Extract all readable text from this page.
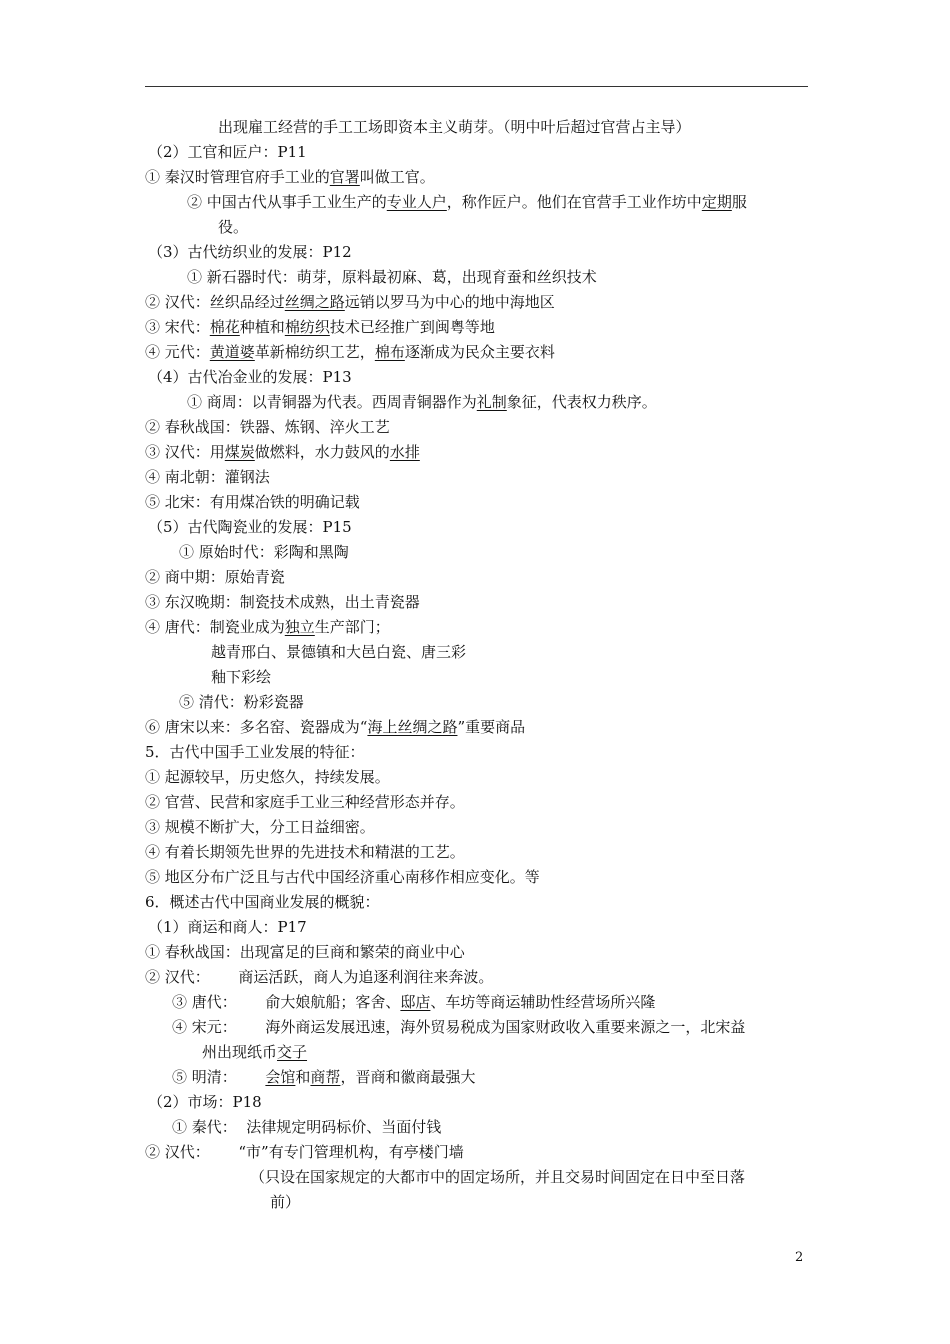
出现雇工经营的手工工场即资本主义萌芽。（明中叶后超过官营占主导）
（2）工官和匠户：P11
① 秦汉时管理官府手工业的官署叫做工官。
② 中国古代从事手工业生产的专业人户，称作匠户。他们在官营手工业作坊中定期服
役。
（3）古代纺织业的发展：P12
① 新石器时代：萌芽，原料最初麻、葛，出现育蚕和丝织技术
② 汉代：丝织品经过丝绸之路远销以罗马为中心的地中海地区
③ 宋代：棉花种植和棉纺织技术已经推广到闽粤等地
④ 元代：黄道婆革新棉纺织工艺，棉布逐渐成为民众主要衣料
（4）古代冶金业的发展：P13
① 商周：以青铜器为代表。西周青铜器作为礼制象征，代表权力秩序。
② 春秋战国：铁器、炼钢、淬火工艺
③ 汉代：用煤炭做燃料，水力鼓风的水排
④ 南北朝：灌钢法
⑤ 北宋：有用煤冶铁的明确记载
（5）古代陶瓷业的发展：P15
① 原始时代：彩陶和黑陶
② 商中期：原始青瓷
③ 东汉晚期：制瓷技术成熟，出土青瓷器
④ 唐代：制瓷业成为独立生产部门；
越青邢白、景德镇和大邑白瓷、唐三彩
釉下彩绘
⑤ 清代：粉彩瓷器
⑥ 唐宋以来：多名窑、瓷器成为“海上丝绸之路”重要商品
5．古代中国手工业发展的特征：
① 起源较早，历史悠久，持续发展。
② 官营、民营和家庭手工业三种经营形态并存。
③ 规模不断扩大，分工日益细密。
④ 有着长期领先世界的先进技术和精湛的工艺。
⑤ 地区分布广泛且与古代中国经济重心南移作相应变化。等
6．概述古代中国商业发展的概貌：
（1）商运和商人：P17
① 春秋战国：出现富足的巨商和繁荣的商业中心
② 汉代：      商运活跃，商人为追逐利润往来奔波。
③ 唐代：      俞大娘航船；客舍、邸店、车坊等商运辅助性经营场所兴隆
④ 宋元：      海外商运发展迅速，海外贸易税成为国家财政收入重要来源之一，北宋益
州出现纸币交子
⑤ 明清：      会馆和商帮，晋商和徽商最强大
（2）市场：P18
① 秦代：  法律规定明码标价、当面付钱
② 汉代：      “市”有专门管理机构，有亭楼门墙
（只设在国家规定的大都市中的固定场所，并且交易时间固定在日中至日落
前）
2
